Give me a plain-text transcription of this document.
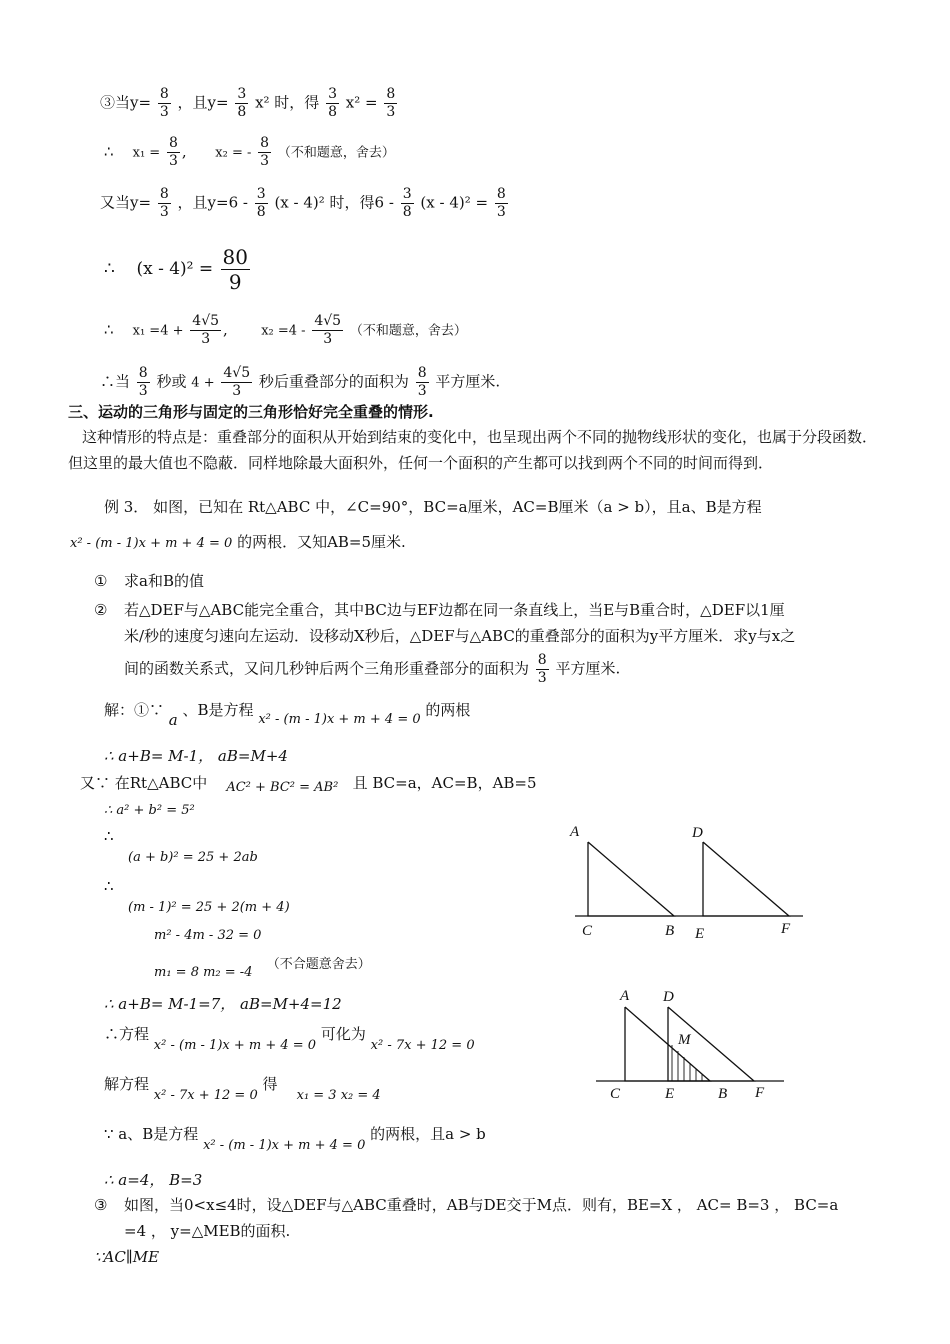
③当$y= \frac{8}{3}$ ，且$y= \frac{3}{8} x^2$ 时，得 $\frac{3}{8} x^2 = \frac{8}{3}$
∴ $x_1 = \frac{8}{3}$ ,      x₂ = - $\frac{8}{3}$ （不和题意，舍去）
又当$y= \frac{8}{3}$ ，且$y=6 - \frac{3}{8} (x - 4)^2$ 时，得$6 - \frac{3}{8} (x - 4)^2 = \frac{8}{3}$
∴ $(x - 4)^2 = \frac{80}{9}$
∴ $x_1 =4 + \frac{4√5}{3}$ ,       $x_2 =4 - \frac{4√5}{3}$ （不和题意，舍去）
∴当 $\frac{8}{3}$ 秒或 $4 + \frac{4√5}{3}$ 秒后重叠部分的面积为 $\frac{8}{3}$ 平方厘米.
三、运动的三角形与固定的三角形恰好完全重叠的情形.
这种情形的特点是：重叠部分的面积从开始到结束的变化中，也呈现出两个不同的抛物线形状的变化，也属于分段函数．但这里的最大值也不隐蔽．同样地除最大面积外，任何一个面积的产生都可以找到两个不同的时间而得到．
例 3． 如图，已知在 Rt△ABC 中，∠C=90°，BC=a厘米，AC=B厘米（a > b），且a、B是方程
x² - (m - 1)x + m + 4 = 0 的两根．又知AB=5厘米.
① 求a和B的值
② 若△DEF与△ABC能完全重合，其中BC边与EF边都在同一条直线上，当E与B重合时，△DEF以1厘
米/秒的速度匀速向左运动．设移动X秒后，△DEF与△ABC的重叠部分的面积为y平方厘米．求y与x之
间的函数关系式，又问几秒钟后两个三角形重叠部分的面积为 $\frac{8}{3}$ 平方厘米.
解：①∵ a 、B是方程 x² - (m - 1)x + m + 4 = 0 的两根
∴ a+B= M-1， aB=M+4
又∵ 在Rt△ABC中 AC² + BC² = AB² 且 BC=a，AC=B，AB=5
∴ a² + b² = 5²
∴
(a + b)² = 25 + 2ab
∴
(m - 1)² = 25 + 2(m + 4)
m² - 4m - 32 = 0
m₁ = 8 m₂ = -4   （不合题意舍去）
∴ a+B= M-1=7， aB=M+4=12
∴方程 x² - (m - 1)x + m + 4 = 0 可化为 x² - 7x + 12 = 0
解方程 x² - 7x + 12 = 0 得    x₁ = 3 x₂ = 4
∵ a、B是方程 x² - (m - 1)x + m + 4 = 0 的两根，且a > b
∴ a=4， B=3
③ 如图，当0<x≤4时，设△DEF与△ABC重叠时，AB与DE交于M点．则有，BE=X ， AC= B=3 ， BC=a
=4 ， y=△MEB的面积.
∵AC∥ME
A
C	B
D
E	F
A D
M
C	E	B F
